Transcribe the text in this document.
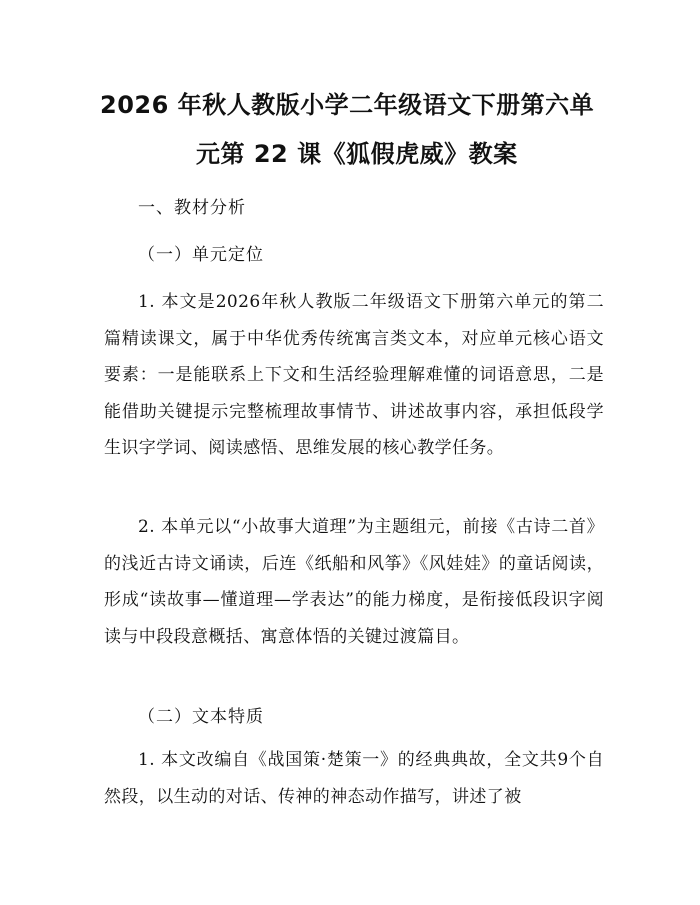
2026 年秋人教版小学二年级语文下册第六单
元第 22 课《狐假虎威》教案
一、教材分析
（一）单元定位
1. 本文是2026年秋人教版二年级语文下册第六单元的第二篇精读课文，属于中华优秀传统寓言类文本，对应单元核心语文要素：一是能联系上下文和生活经验理解难懂的词语意思，二是能借助关键提示完整梳理故事情节、讲述故事内容，承担低段学生识字学词、阅读感悟、思维发展的核心教学任务。
2. 本单元以“小故事大道理”为主题组元，前接《古诗二首》的浅近古诗文诵读，后连《纸船和风筝》《风娃娃》的童话阅读，形成“读故事—懂道理—学表达”的能力梯度，是衔接低段识字阅读与中段段意概括、寓意体悟的关键过渡篇目。
（二）文本特质
1. 本文改编自《战国策·楚策一》的经典典故，全文共9个自然段，以生动的对话、传神的神态动作描写，讲述了被
